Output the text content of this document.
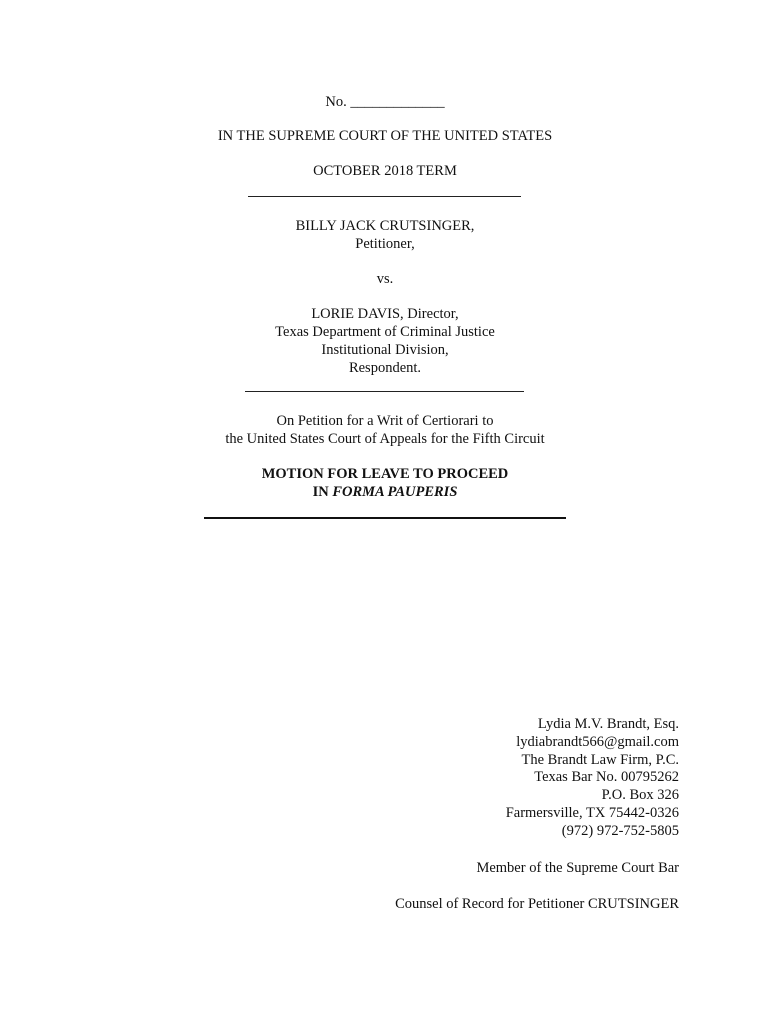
No. _____________
IN THE SUPREME COURT OF THE UNITED STATES
OCTOBER 2018 TERM
BILLY JACK CRUTSINGER,
Petitioner,
vs.
LORIE DAVIS, Director,
Texas Department of Criminal Justice
Institutional Division,
Respondent.
On Petition for a Writ of Certiorari to
the United States Court of Appeals for the Fifth Circuit
MOTION FOR LEAVE TO PROCEED
IN FORMA PAUPERIS
Lydia M.V. Brandt, Esq.
lydiabrandt566@gmail.com
The Brandt Law Firm, P.C.
Texas Bar No. 00795262
P.O. Box 326
Farmersville, TX 75442-0326
(972) 972-752-5805
Member of the Supreme Court Bar
Counsel of Record for Petitioner CRUTSINGER
